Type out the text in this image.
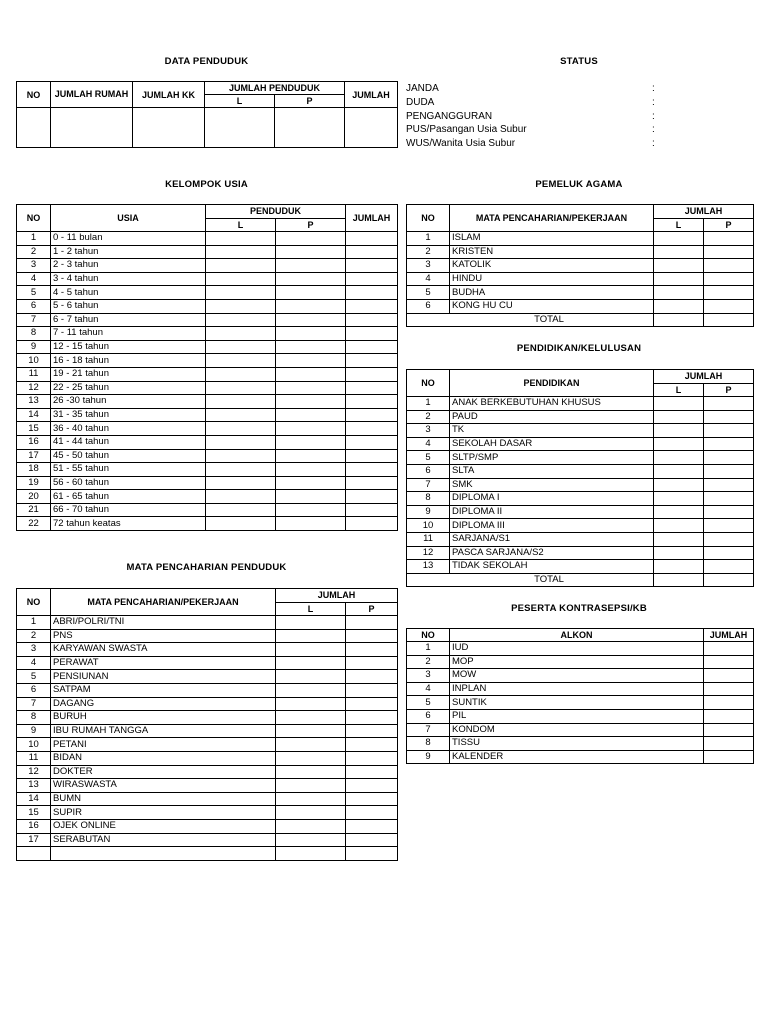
DATA PENDUDUK
NO	JUMLAH RUMAH	JUMLAH KK	JUMLAH PENDUDUK		JUMLAH
			L	P	

STATUS
JANDA	:
DUDA	:
PENGANGGURAN	:
PUS/Pasangan Usia Subur	:
WUS/Wanita Usia Subur	:
KELOMPOK USIA
NO	USIA	PENDUDUK		JUMLAH
		L	P	
1	0 - 11 bulan			
2	1 - 2 tahun			
3	2 - 3 tahun			
4	3 - 4 tahun			
5	4 - 5 tahun			
6	5 - 6 tahun			
7	6 - 7 tahun			
8	7 - 11 tahun			
9	12 - 15 tahun			
10	16 - 18 tahun			
11	19 - 21 tahun			
12	22 - 25 tahun			
13	26 -30 tahun			
14	31 - 35 tahun			
15	36 - 40 tahun			
16	41 - 44 tahun			
17	45 - 50 tahun			
18	51 - 55 tahun			
19	56 - 60 tahun			
20	61 - 65 tahun			
21	66 - 70 tahun			
22	72 tahun keatas			
PEMELUK AGAMA
NO	MATA PENCAHARIAN/PEKERJAAN	JUMLAH	
		L	P
1	ISLAM		
2	KRISTEN		
3	KATOLIK		
4	HINDU		
5	BUDHA		
6	KONG HU CU		
TOTAL			
PENDIDIKAN/KELULUSAN
NO	PENDIDIKAN	JUMLAH	
		L	P
1	ANAK BERKEBUTUHAN KHUSUS		
2	PAUD		
3	TK		
4	SEKOLAH DASAR		
5	SLTP/SMP		
6	SLTA		
7	SMK		
8	DIPLOMA I		
9	DIPLOMA II		
10	DIPLOMA III		
11	SARJANA/S1		
12	PASCA SARJANA/S2		
13	TIDAK SEKOLAH		
TOTAL			
MATA PENCAHARIAN PENDUDUK
NO	MATA PENCAHARIAN/PEKERJAAN	JUMLAH	
		L	P
1	ABRI/POLRI/TNI		
2	PNS		
3	KARYAWAN SWASTA		
4	PERAWAT		
5	PENSIUNAN		
6	SATPAM		
7	DAGANG		
8	BURUH		
9	IBU RUMAH TANGGA		
10	PETANI		
11	BIDAN		
12	DOKTER		
13	WIRASWASTA		
14	BUMN		
15	SUPIR		
16	OJEK ONLINE		
17	SERABUTAN		

PESERTA KONTRASEPSI/KB
NO	ALKON	JUMLAH
1	IUD	
2	MOP	
3	MOW	
4	INPLAN	
5	SUNTIK	
6	PIL	
7	KONDOM	
8	TISSU	
9	KALENDER	
